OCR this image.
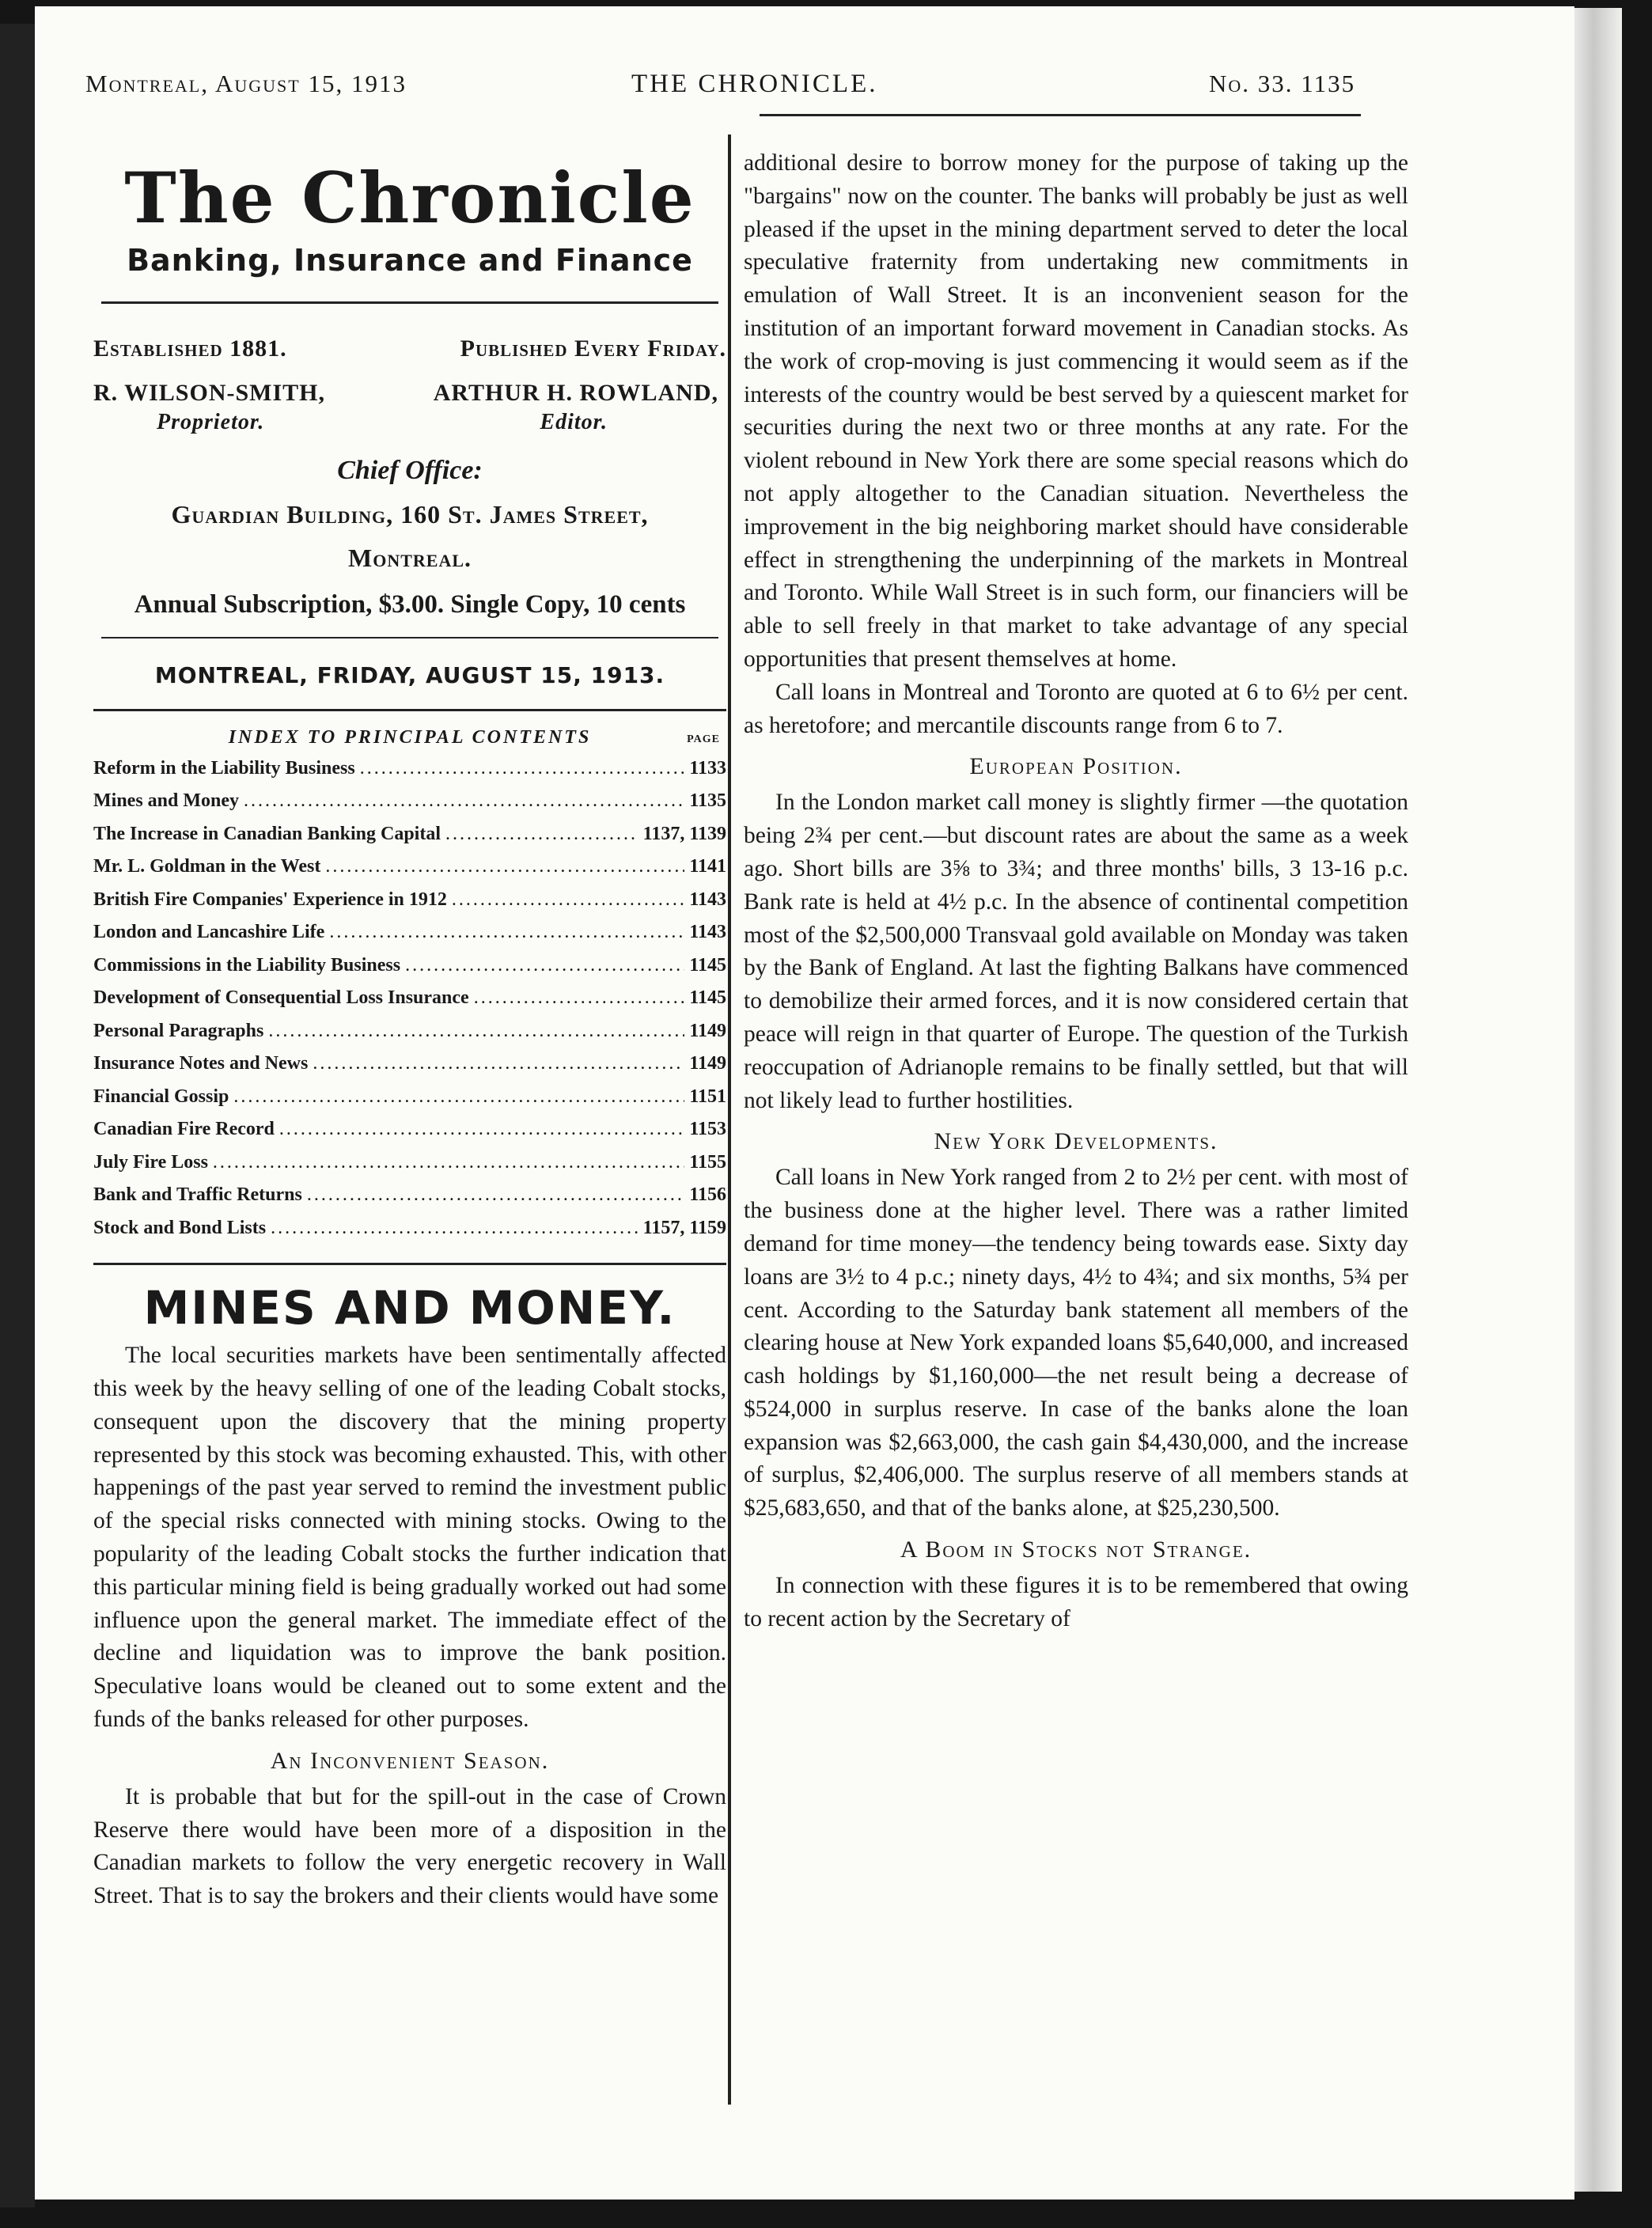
Montreal, August 15, 1913	THE CHRONICLE.	No. 33. 1135
The Chronicle
Banking, Insurance and Finance
Established 1881.	Published Every Friday.
R. WILSON-SMITH,	ARTHUR H. ROWLAND,
Proprietor.	Editor.
Chief Office:
Guardian Building, 160 St. James Street,
Montreal.
Annual Subscription, $3.00. Single Copy, 10 cents
MONTREAL, FRIDAY, AUGUST 15, 1913.
INDEX TO PRINCIPAL CONTENTS	PAGE
Reform in the Liability Business .....	1133
Mines and Money .....	1135
The Increase in Canadian Banking Capital .....	1137, 1139
Mr. L. Goldman in the West .....	1141
British Fire Companies' Experience in 1912 .....	1143
London and Lancashire Life .....	1143
Commissions in the Liability Business .....	1145
Development of Consequential Loss Insurance .....	1145
Personal Paragraphs .....	1149
Insurance Notes and News .....	1149
Financial Gossip .....	1151
Canadian Fire Record .....	1153
July Fire Loss .....	1155
Bank and Traffic Returns .....	1156
Stock and Bond Lists .....	1157, 1159
MINES AND MONEY.

The local securities markets have been sentimentally affected this week by the heavy selling of one of the leading Cobalt stocks, consequent upon the discovery that the mining property represented by this stock was becoming exhausted. This, with other happenings of the past year served to remind the investment public of the special risks connected with mining stocks. Owing to the popularity of the leading Cobalt stocks the further indication that this particular mining field is being gradually worked out had some influence upon the general market. The immediate effect of the decline and liquidation was to improve the bank position. Speculative loans would be cleaned out to some extent and the funds of the banks released for other purposes.

An Inconvenient Season.

It is probable that but for the spill-out in the case of Crown Reserve there would have been more of a disposition in the Canadian markets to follow the very energetic recovery in Wall Street. That is to say the brokers and their clients would have some

additional desire to borrow money for the purpose of taking up the "bargains" now on the counter. The banks will probably be just as well pleased if the upset in the mining department served to deter the local speculative fraternity from undertaking new commitments in emulation of Wall Street. It is an inconvenient season for the institution of an important forward movement in Canadian stocks. As the work of crop-moving is just commencing it would seem as if the interests of the country would be best served by a quiescent market for securities during the next two or three months at any rate. For the violent rebound in New York there are some special reasons which do not apply altogether to the Canadian situation. Nevertheless the improvement in the big neighboring market should have considerable effect in strengthening the underpinning of the markets in Montreal and Toronto. While Wall Street is in such form, our financiers will be able to sell freely in that market to take advantage of any special opportunities that present themselves at home.

Call loans in Montreal and Toronto are quoted at 6 to 6½ per cent. as heretofore; and mercantile discounts range from 6 to 7.

European Position.

In the London market call money is slightly firmer —the quotation being 2¾ per cent.—but discount rates are about the same as a week ago. Short bills are 3⅝ to 3¾; and three months' bills, 3 13-16 p.c. Bank rate is held at 4½ p.c. In the absence of continental competition most of the $2,500,000 Transvaal gold available on Monday was taken by the Bank of England. At last the fighting Balkans have commenced to demobilize their armed forces, and it is now considered certain that peace will reign in that quarter of Europe. The question of the Turkish reoccupation of Adrianople remains to be finally settled, but that will not likely lead to further hostilities.

New York Developments.

Call loans in New York ranged from 2 to 2½ per cent. with most of the business done at the higher level. There was a rather limited demand for time money—the tendency being towards ease. Sixty day loans are 3½ to 4 p.c.; ninety days, 4½ to 4¾; and six months, 5¾ per cent. According to the Saturday bank statement all members of the clearing house at New York expanded loans $5,640,000, and increased cash holdings by $1,160,000—the net result being a decrease of $524,000 in surplus reserve. In case of the banks alone the loan expansion was $2,663,000, the cash gain $4,430,000, and the increase of surplus, $2,406,000. The surplus reserve of all members stands at $25,683,650, and that of the banks alone, at $25,230,500.

A Boom in Stocks not Strange.

In connection with these figures it is to be remembered that owing to recent action by the Secretary of
